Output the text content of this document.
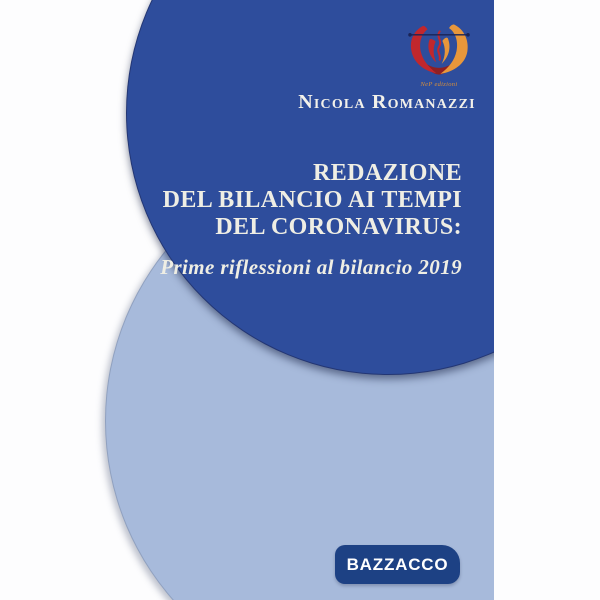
NeP edizioni
Nicola Romanazzi
REDAZIONE
DEL BILANCIO AI TEMPI
DEL CORONAVIRUS:
Prime riflessioni al bilancio 2019
BAZZACCO
